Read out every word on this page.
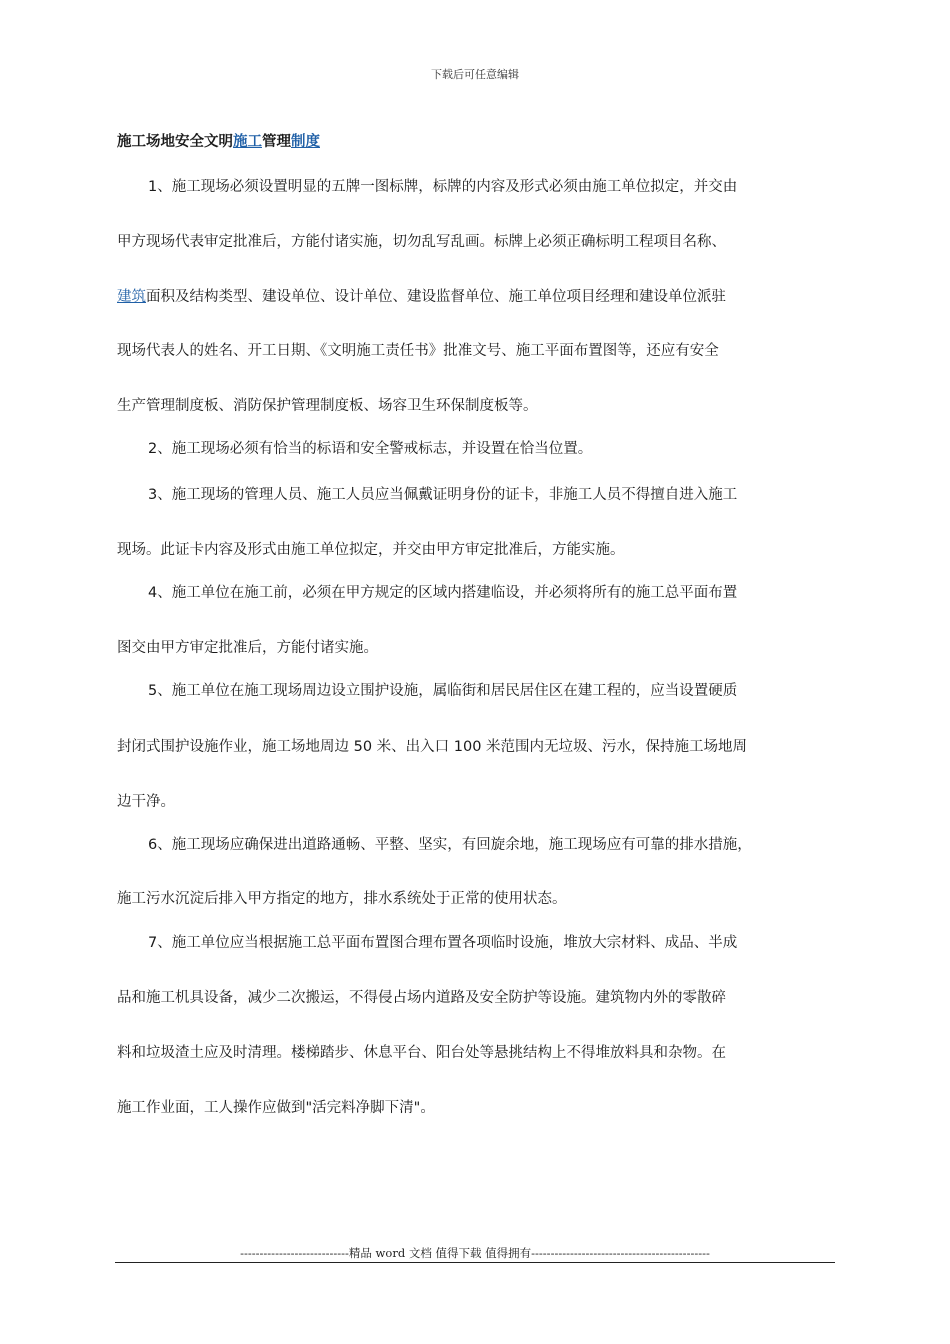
下载后可任意编辑
施工场地安全文明施工管理制度
1、施工现场必须设置明显的五牌一图标牌，标牌的内容及形式必须由施工单位拟定，并交由
甲方现场代表审定批准后，方能付诸实施，切勿乱写乱画。标牌上必须正确标明工程项目名称、
建筑面积及结构类型、建设单位、设计单位、建设监督单位、施工单位项目经理和建设单位派驻
现场代表人的姓名、开工日期、《文明施工责任书》批准文号、施工平面布置图等，还应有安全
生产管理制度板、消防保护管理制度板、场容卫生环保制度板等。
2、施工现场必须有恰当的标语和安全警戒标志，并设置在恰当位置。
3、施工现场的管理人员、施工人员应当佩戴证明身份的证卡，非施工人员不得擅自进入施工
现场。此证卡内容及形式由施工单位拟定，并交由甲方审定批准后，方能实施。
4、施工单位在施工前，必须在甲方规定的区域内搭建临设，并必须将所有的施工总平面布置
图交由甲方审定批准后，方能付诸实施。
5、施工单位在施工现场周边设立围护设施，属临街和居民居住区在建工程的，应当设置硬质
封闭式围护设施作业，施工场地周边 50 米、出入口 100 米范围内无垃圾、污水，保持施工场地周
边干净。
6、施工现场应确保进出道路通畅、平整、坚实，有回旋余地，施工现场应有可靠的排水措施，
施工污水沉淀后排入甲方指定的地方，排水系统处于正常的使用状态。
7、施工单位应当根据施工总平面布置图合理布置各项临时设施，堆放大宗材料、成品、半成
品和施工机具设备，减少二次搬运，不得侵占场内道路及安全防护等设施。建筑物内外的零散碎
料和垃圾渣土应及时清理。楼梯踏步、休息平台、阳台处等悬挑结构上不得堆放料具和杂物。在
施工作业面，工人操作应做到"活完料净脚下清"。
----------------------------精品 word 文档 值得下载 值得拥有----------------------------------------------
